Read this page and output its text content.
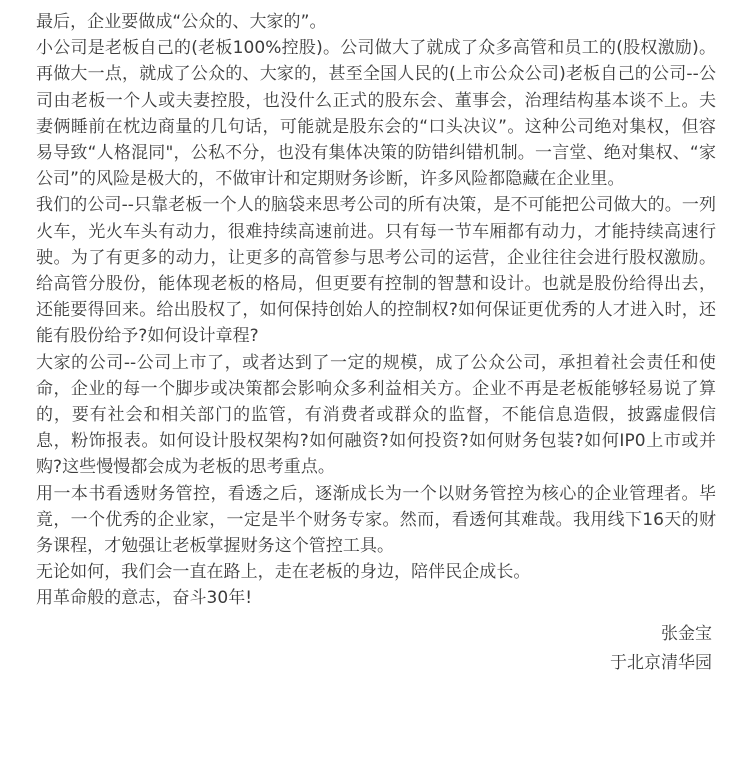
最后，企业要做成“公众的、大家的”。

小公司是老板自己的(老板100%控股)。公司做大了就成了众多高管和员工的(股权激励)。再做大一点，就成了公众的、大家的，甚至全国人民的(上市公众公司)老板自己的公司--公司由老板一个人或夫妻控股，也没什么正式的股东会、董事会，治理结构基本谈不上。夫妻俩睡前在枕边商量的几句话，可能就是股东会的“口头决议”。这种公司绝对集权，但容易导致“人格混同"，公私不分，也没有集体决策的防错纠错机制。一言堂、绝对集权、“家公司”的风险是极大的，不做审计和定期财务诊断，许多风险都隐藏在企业里。

我们的公司--只靠老板一个人的脑袋来思考公司的所有决策，是不可能把公司做大的。一列火车，光火车头有动力，很难持续高速前进。只有每一节车厢都有动力，才能持续高速行驶。为了有更多的动力，让更多的高管参与思考公司的运营，企业往往会进行股权激励。给高管分股份，能体现老板的格局，但更要有控制的智慧和设计。也就是股份给得出去，还能要得回来。给出股权了，如何保持创始人的控制权?如何保证更优秀的人才进入时，还能有股份给予?如何设计章程?

大家的公司--公司上市了，或者达到了一定的规模，成了公众公司，承担着社会责任和使命，企业的每一个脚步或决策都会影响众多利益相关方。企业不再是老板能够轻易说了算的，要有社会和相关部门的监管，有消费者或群众的监督，不能信息造假，披露虚假信息，粉饰报表。如何设计股权架构?如何融资?如何投资?如何财务包装?如何IP0上市或并购?这些慢慢都会成为老板的思考重点。

用一本书看透财务管控，看透之后，逐渐成长为一个以财务管控为核心的企业管理者。毕竟，一个优秀的企业家，一定是半个财务专家。然而，看透何其难哉。我用线下16天的财务课程，才勉强让老板掌握财务这个管控工具。

无论如何，我们会一直在路上，走在老板的身边，陪伴民企成长。

用革命般的意志，奋斗30年!

张金宝
于北京清华园
